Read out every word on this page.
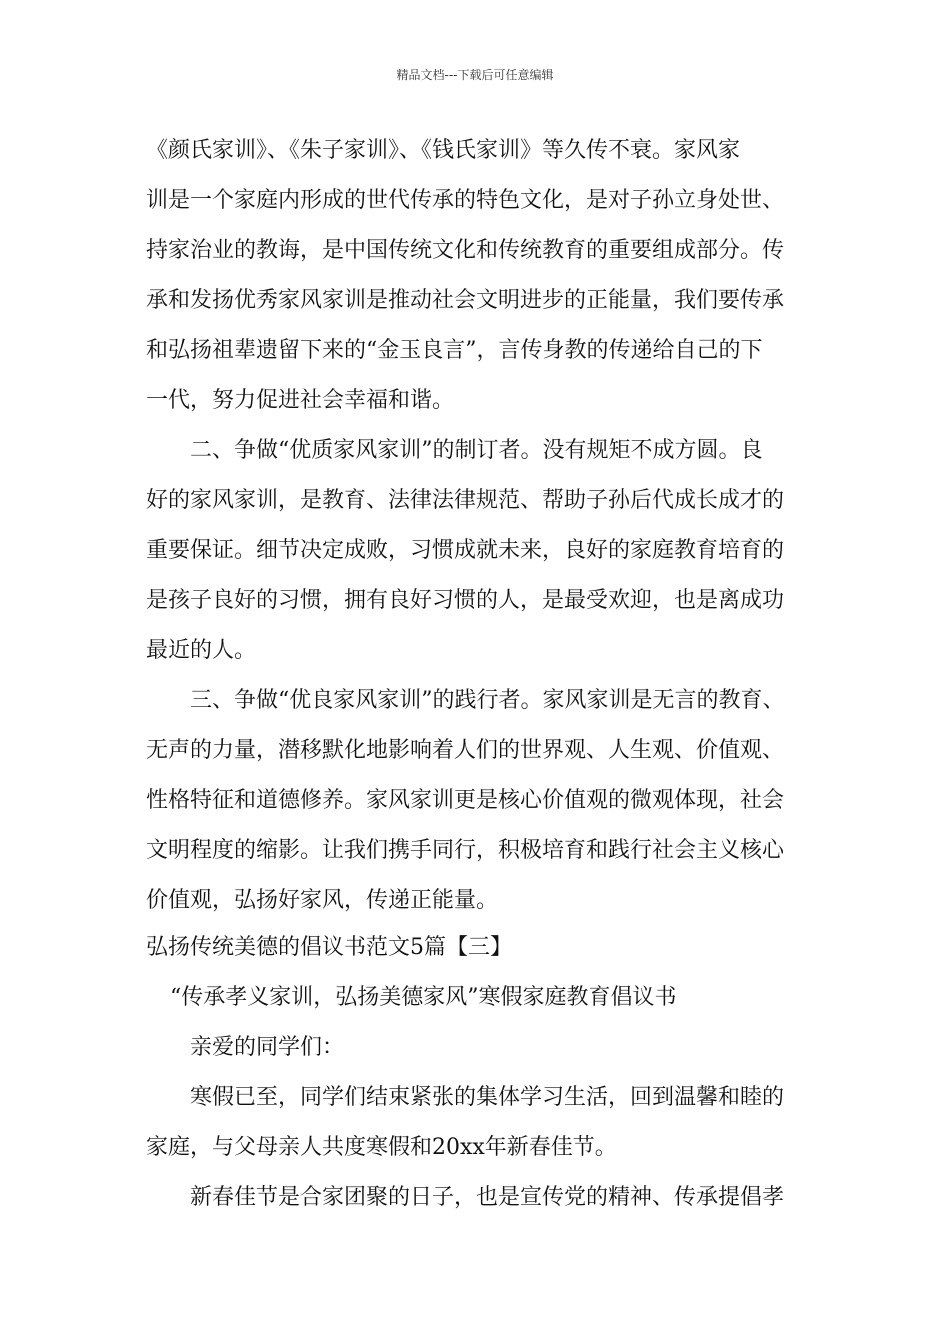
精品文档---下载后可任意编辑
《颜氏家训》、《朱子家训》、《钱氏家训》等久传不衰。家风家
训是一个家庭内形成的世代传承的特色文化，是对子孙立身处世、
持家治业的教诲，是中国传统文化和传统教育的重要组成部分。传
承和发扬优秀家风家训是推动社会文明进步的正能量，我们要传承
和弘扬祖辈遗留下来的“金玉良言”，言传身教的传递给自己的下
一代，努力促进社会幸福和谐。
二、争做“优质家风家训”的制订者。没有规矩不成方圆。良
好的家风家训，是教育、法律法律规范、帮助子孙后代成长成才的
重要保证。细节决定成败，习惯成就未来，良好的家庭教育培育的
是孩子良好的习惯，拥有良好习惯的人，是最受欢迎，也是离成功
最近的人。
三、争做“优良家风家训”的践行者。家风家训是无言的教育、
无声的力量，潜移默化地影响着人们的世界观、人生观、价值观、
性格特征和道德修养。家风家训更是核心价值观的微观体现，社会
文明程度的缩影。让我们携手同行，积极培育和践行社会主义核心
价值观，弘扬好家风，传递正能量。
弘扬传统美德的倡议书范文5篇【三】
“传承孝义家训，弘扬美德家风”寒假家庭教育倡议书
亲爱的同学们：
寒假已至，同学们结束紧张的集体学习生活，回到温馨和睦的
家庭，与父母亲人共度寒假和20xx年新春佳节。
新春佳节是合家团聚的日子，也是宣传党的精神、传承提倡孝
